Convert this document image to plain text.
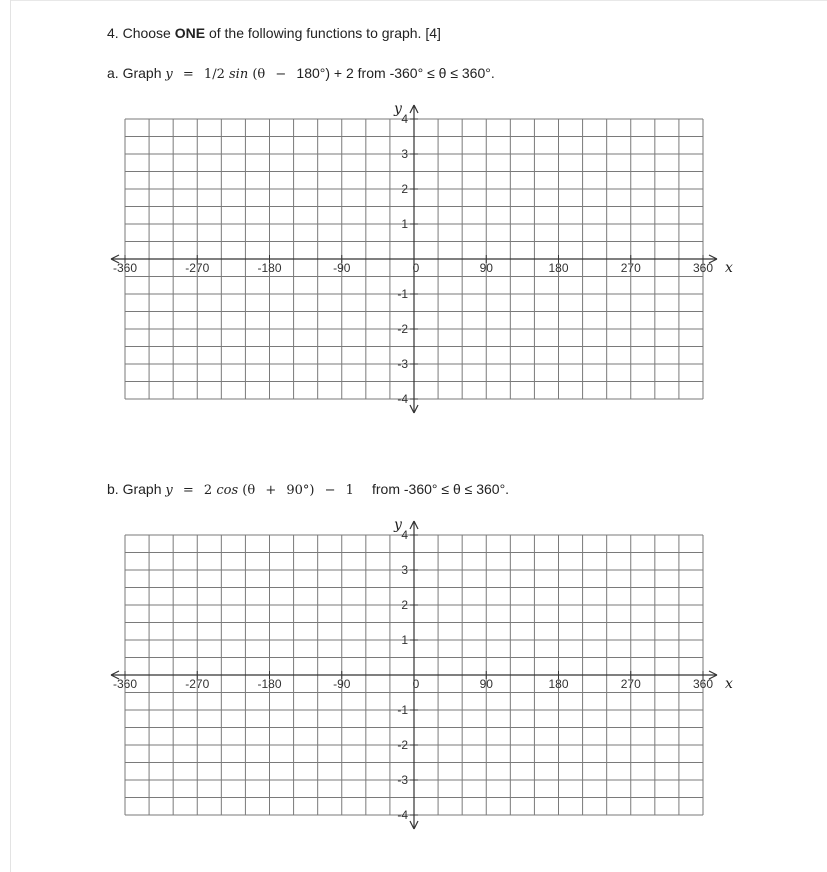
4. Choose ONE of the following functions to graph. [4]
a. Graph y = 1/2 sin (θ − 180°) + 2 from -360° ≤ θ ≤ 360°.
-360	-270	-180	-90	0	90	180	270	360
4
3
2
1
-1
-2
-3
-4
x
y
b. Graph y = 2 cos (θ + 90°) − 1 from -360° ≤ θ ≤ 360°.
-360	-270	-180	-90	0	90	180	270	360
4
3
2
1
-1
-2
-3
-4
x
y
